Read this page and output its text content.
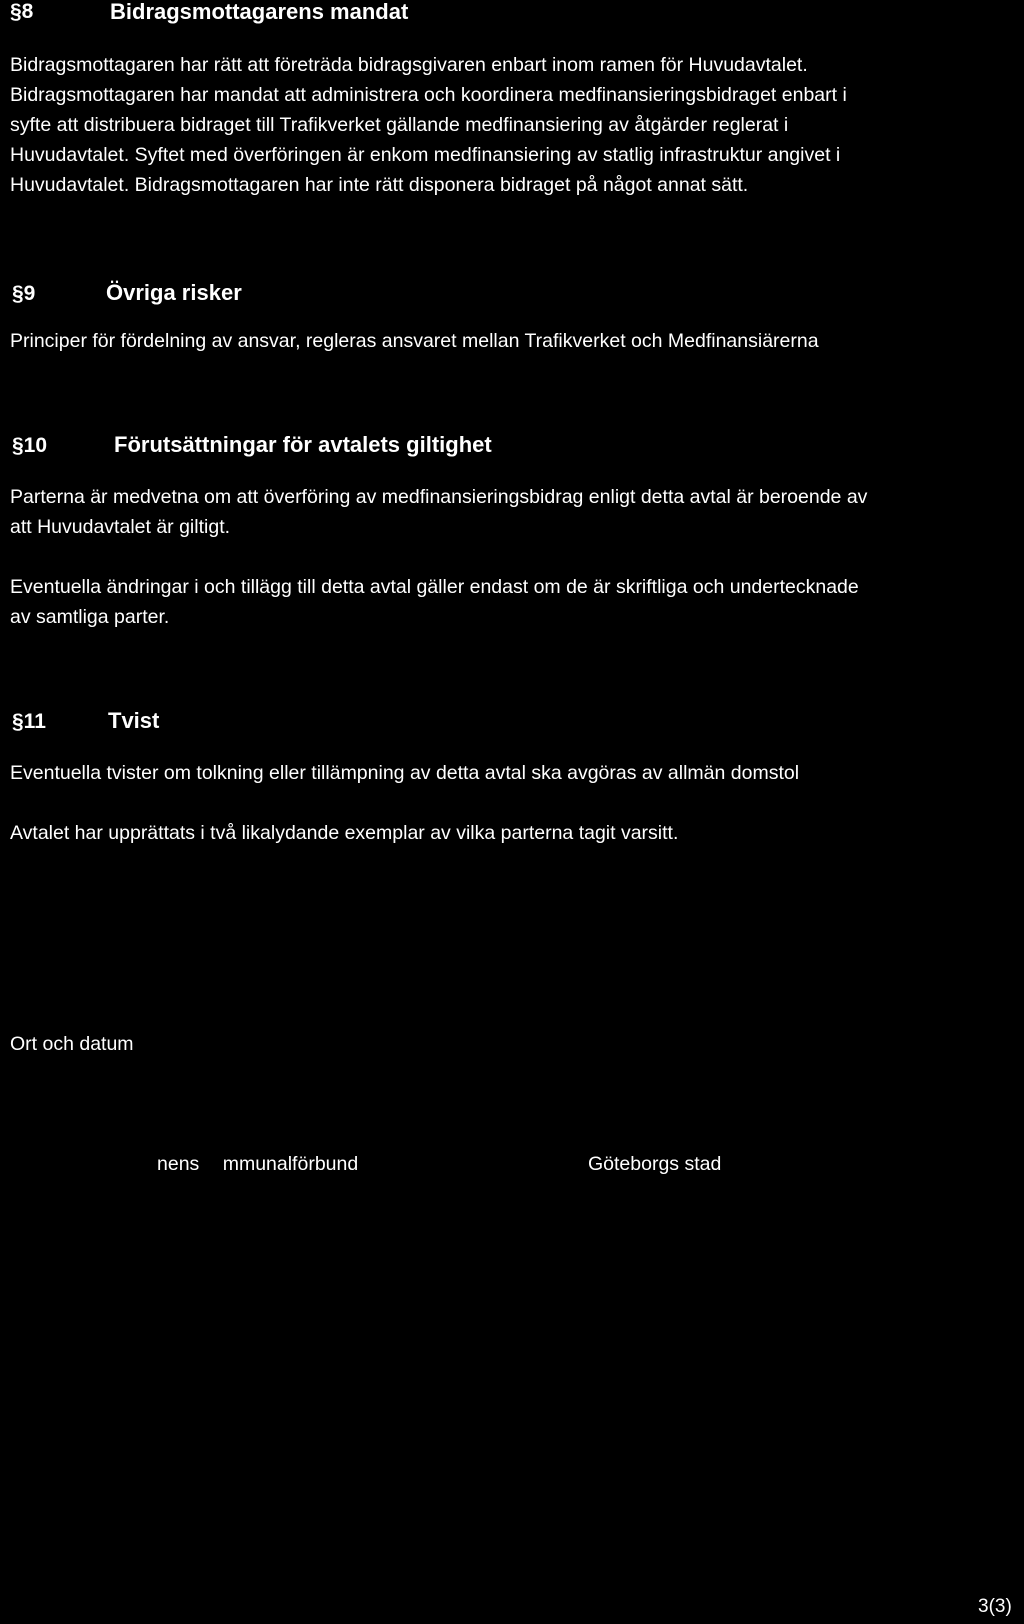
§8	Bidragsmottagarens mandat
Bidragsmottagaren har rätt att företräda bidragsgivaren enbart inom ramen för Huvudavtalet.
Bidragsmottagaren har mandat att administrera och koordinera medfinansieringsbidraget enbart i
syfte att distribuera bidraget till Trafikverket gällande medfinansiering av åtgärder reglerat i
Huvudavtalet. Syftet med överföringen är enkom medfinansiering av statlig infrastruktur angivet i
Huvudavtalet. Bidragsmottagaren har inte rätt disponera bidraget på något annat sätt.
§9	Övriga risker
Principer för fördelning av ansvar, regleras ansvaret mellan Trafikverket och Medfinansiärerna
§10	Förutsättningar för avtalets giltighet
Parterna är medvetna om att överföring av medfinansieringsbidrag enligt detta avtal är beroende av
att Huvudavtalet är giltigt.
Eventuella ändringar i och tillägg till detta avtal gäller endast om de är skriftliga och undertecknade
av samtliga parter.
§11	Tvist
Eventuella tvister om tolkning eller tillämpning av detta avtal ska avgöras av allmän domstol
Avtalet har upprättats i två likalydande exemplar av vilka parterna tagit varsitt.
Ort och datum
nens mmunalförbund	Göteborgs stad
3(3)
